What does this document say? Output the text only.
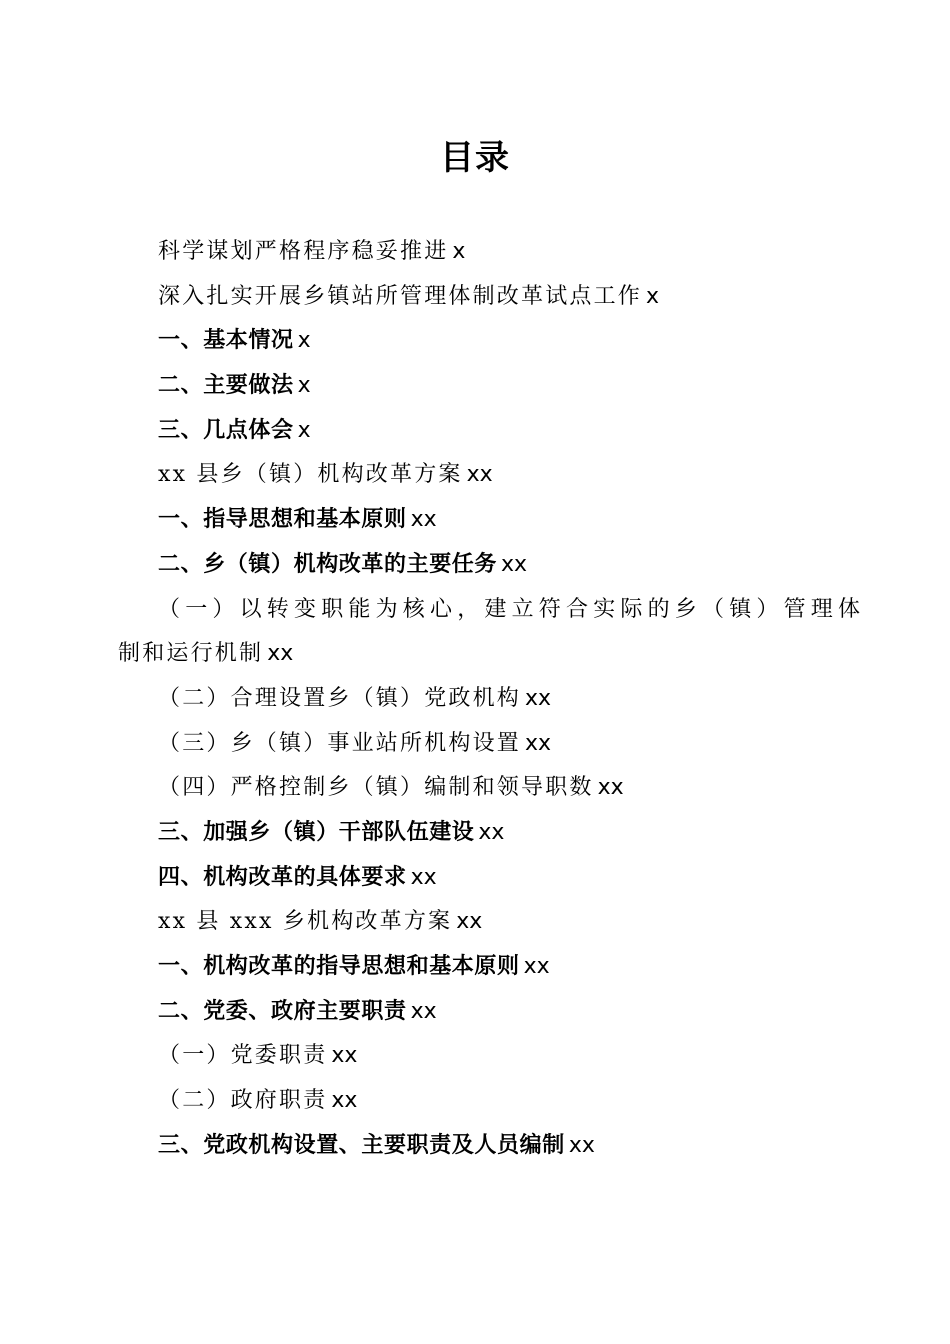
目录
科学谋划严格程序稳妥推进 x
深入扎实开展乡镇站所管理体制改革试点工作 x
一、基本情况 x
二、主要做法 x
三、几点体会 x
xx 县乡（镇）机构改革方案 xx
一、指导思想和基本原则 xx
二、乡（镇）机构改革的主要任务 xx
（一）以转变职能为核心，建立符合实际的乡（镇）管理体
制和运行机制 xx
（二）合理设置乡（镇）党政机构 xx
（三）乡（镇）事业站所机构设置 xx
（四）严格控制乡（镇）编制和领导职数 xx
三、加强乡（镇）干部队伍建设 xx
四、机构改革的具体要求 xx
xx 县 xxx 乡机构改革方案 xx
一、机构改革的指导思想和基本原则 xx
二、党委、政府主要职责 xx
（一）党委职责 xx
（二）政府职责 xx
三、党政机构设置、主要职责及人员编制 xx
